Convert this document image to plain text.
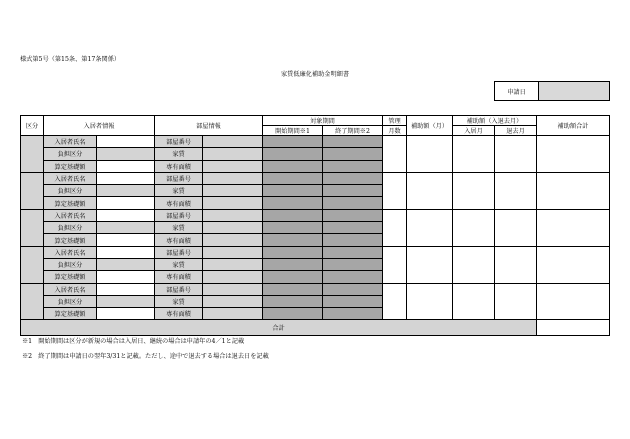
様式第5号（第15条、第17条関係）
家賃低廉化補助金明細書
申請日
区分	入居者情報		部屋情報		対象期間		管理	補助額（月）	補助額（入退去月）		補助額合計
					開始期間※1	終了期間※2	月数		入居月	退去月	
	入居者氏名		部屋番号								
	負担区分		家賃								
	算定基礎額		専有面積								
	入居者氏名		部屋番号								
	負担区分		家賃								
	算定基礎額		専有面積								
	入居者氏名		部屋番号								
	負担区分		家賃								
	算定基礎額		専有面積								
	入居者氏名		部屋番号								
	負担区分		家賃								
	算定基礎額		専有面積								
	入居者氏名		部屋番号								
	負担区分		家賃								
	算定基礎額		専有面積								
合計											
※1　開始期間は区分が新規の場合は入居日、継続の場合は申請年の4／1と記載
※2　終了期間は申請日の翌年3/31と記載。ただし、途中で退去する場合は退去日を記載
